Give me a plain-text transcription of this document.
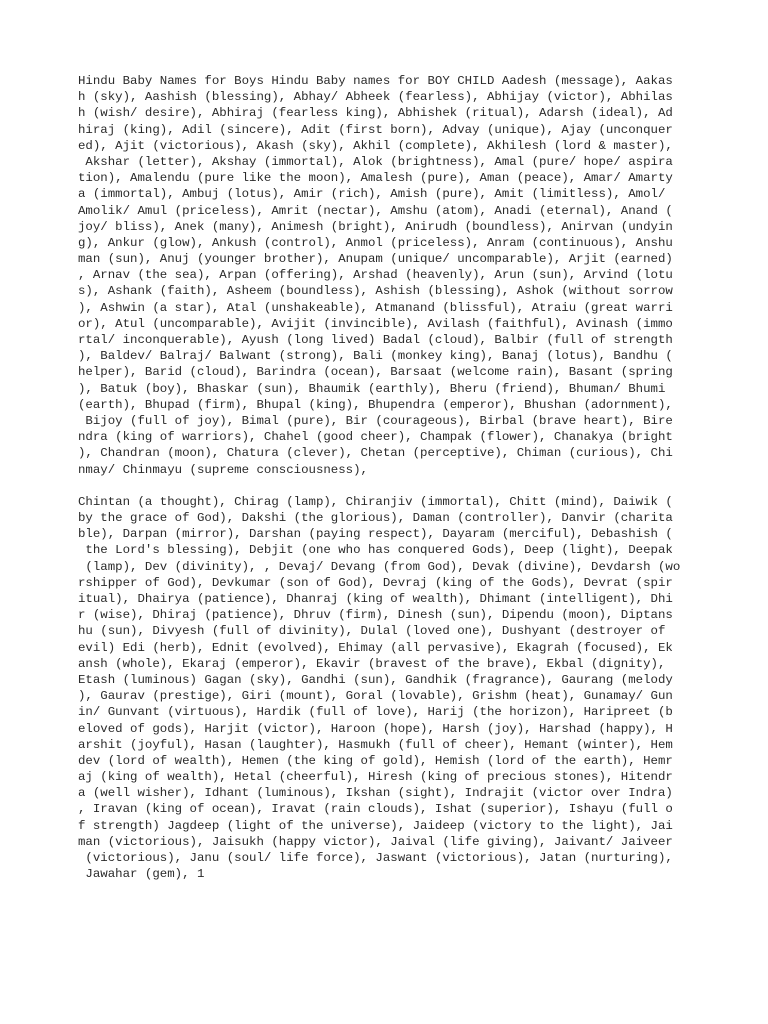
Hindu Baby Names for Boys Hindu Baby names for BOY CHILD Aadesh (message), Aakas
h (sky), Aashish (blessing), Abhay/ Abheek (fearless), Abhijay (victor), Abhilas
h (wish/ desire), Abhiraj (fearless king), Abhishek (ritual), Adarsh (ideal), Ad
hiraj (king), Adil (sincere), Adit (first born), Advay (unique), Ajay (unconquer
ed), Ajit (victorious), Akash (sky), Akhil (complete), Akhilesh (lord & master),
Akshar (letter), Akshay (immortal), Alok (brightness), Amal (pure/ hope/ aspira
tion), Amalendu (pure like the moon), Amalesh (pure), Aman (peace), Amar/ Amarty
a (immortal), Ambuj (lotus), Amir (rich), Amish (pure), Amit (limitless), Amol/
Amolik/ Amul (priceless), Amrit (nectar), Amshu (atom), Anadi (eternal), Anand (
joy/ bliss), Anek (many), Animesh (bright), Anirudh (boundless), Anirvan (undyin
g), Ankur (glow), Ankush (control), Anmol (priceless), Anram (continuous), Anshu
man (sun), Anuj (younger brother), Anupam (unique/ uncomparable), Arjit (earned)
, Arnav (the sea), Arpan (offering), Arshad (heavenly), Arun (sun), Arvind (lotu
s), Ashank (faith), Asheem (boundless), Ashish (blessing), Ashok (without sorrow
), Ashwin (a star), Atal (unshakeable), Atmanand (blissful), Atraiu (great warri
or), Atul (uncomparable), Avijit (invincible), Avilash (faithful), Avinash (immo
rtal/ inconquerable), Ayush (long lived) Badal (cloud), Balbir (full of strength
), Baldev/ Balraj/ Balwant (strong), Bali (monkey king), Banaj (lotus), Bandhu (
helper), Barid (cloud), Barindra (ocean), Barsaat (welcome rain), Basant (spring
), Batuk (boy), Bhaskar (sun), Bhaumik (earthly), Bheru (friend), Bhuman/ Bhumi
(earth), Bhupad (firm), Bhupal (king), Bhupendra (emperor), Bhushan (adornment),
Bijoy (full of joy), Bimal (pure), Bir (courageous), Birbal (brave heart), Bire
ndra (king of warriors), Chahel (good cheer), Champak (flower), Chanakya (bright
), Chandran (moon), Chatura (clever), Chetan (perceptive), Chiman (curious), Chi
nmay/ Chinmayu (supreme consciousness),
Chintan (a thought), Chirag (lamp), Chiranjiv (immortal), Chitt (mind), Daiwik (
by the grace of God), Dakshi (the glorious), Daman (controller), Danvir (charita
ble), Darpan (mirror), Darshan (paying respect), Dayaram (merciful), Debashish (
the Lord's blessing), Debjit (one who has conquered Gods), Deep (light), Deepak
(lamp), Dev (divinity), , Devaj/ Devang (from God), Devak (divine), Devdarsh (wo
rshipper of God), Devkumar (son of God), Devraj (king of the Gods), Devrat (spir
itual), Dhairya (patience), Dhanraj (king of wealth), Dhimant (intelligent), Dhi
r (wise), Dhiraj (patience), Dhruv (firm), Dinesh (sun), Dipendu (moon), Diptans
hu (sun), Divyesh (full of divinity), Dulal (loved one), Dushyant (destroyer of
evil) Edi (herb), Ednit (evolved), Ehimay (all pervasive), Ekagrah (focused), Ek
ansh (whole), Ekaraj (emperor), Ekavir (bravest of the brave), Ekbal (dignity),
Etash (luminous) Gagan (sky), Gandhi (sun), Gandhik (fragrance), Gaurang (melody
), Gaurav (prestige), Giri (mount), Goral (lovable), Grishm (heat), Gunamay/ Gun
in/ Gunvant (virtuous), Hardik (full of love), Harij (the horizon), Haripreet (b
eloved of gods), Harjit (victor), Haroon (hope), Harsh (joy), Harshad (happy), H
arshit (joyful), Hasan (laughter), Hasmukh (full of cheer), Hemant (winter), Hem
dev (lord of wealth), Hemen (the king of gold), Hemish (lord of the earth), Hemr
aj (king of wealth), Hetal (cheerful), Hiresh (king of precious stones), Hitendr
a (well wisher), Idhant (luminous), Ikshan (sight), Indrajit (victor over Indra)
, Iravan (king of ocean), Iravat (rain clouds), Ishat (superior), Ishayu (full o
f strength) Jagdeep (light of the universe), Jaideep (victory to the light), Jai
man (victorious), Jaisukh (happy victor), Jaival (life giving), Jaivant/ Jaiveer
(victorious), Janu (soul/ life force), Jaswant (victorious), Jatan (nurturing),
Jawahar (gem), 1
